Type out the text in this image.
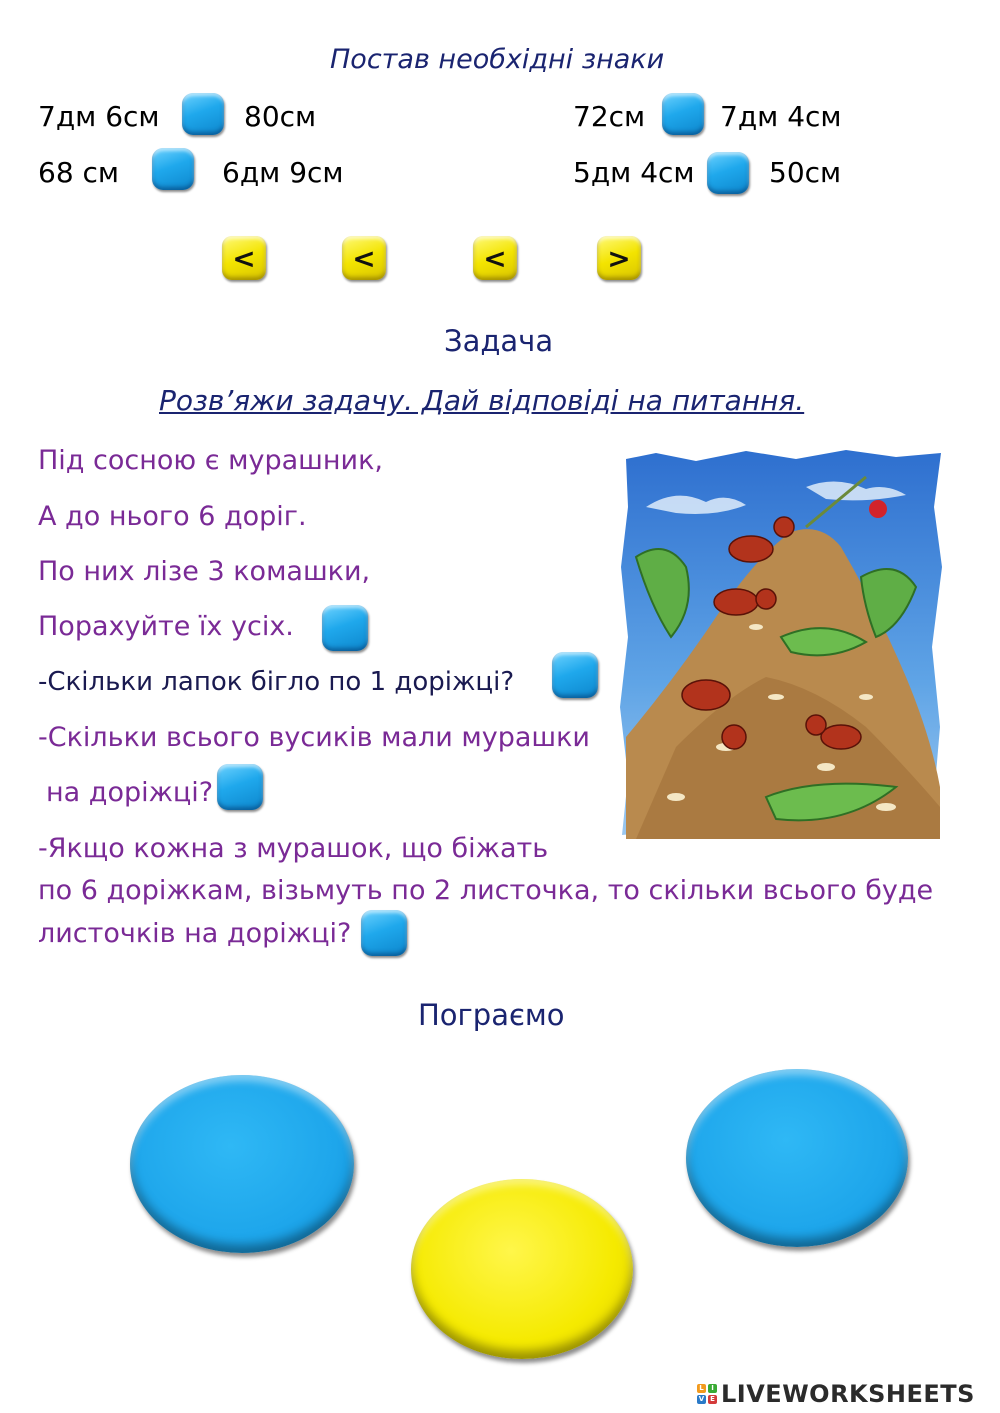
Постав необхідні знаки
7дм 6см	80см	72см	7дм 4см
68 см	6дм 9см	5дм 4см	50см
<	<	<	>
Задача
Розв’яжи задачу. Дай відповіді на питання.
Під сосною є мурашник,
А до нього 6 доріг.
По них лізе 3 комашки,
Порахуйте їх усіх.
-Скільки лапок бігло по 1 доріжці?
-Скільки всього вусиків мали мурашки
на доріжці?
-Якщо кожна з мурашок, що біжать
по 6 доріжкам, візьмуть по 2 листочка, то скільки всього буде
листочків на доріжці?
Пограємо
L	I
V E LIVEWORKSHEETS
